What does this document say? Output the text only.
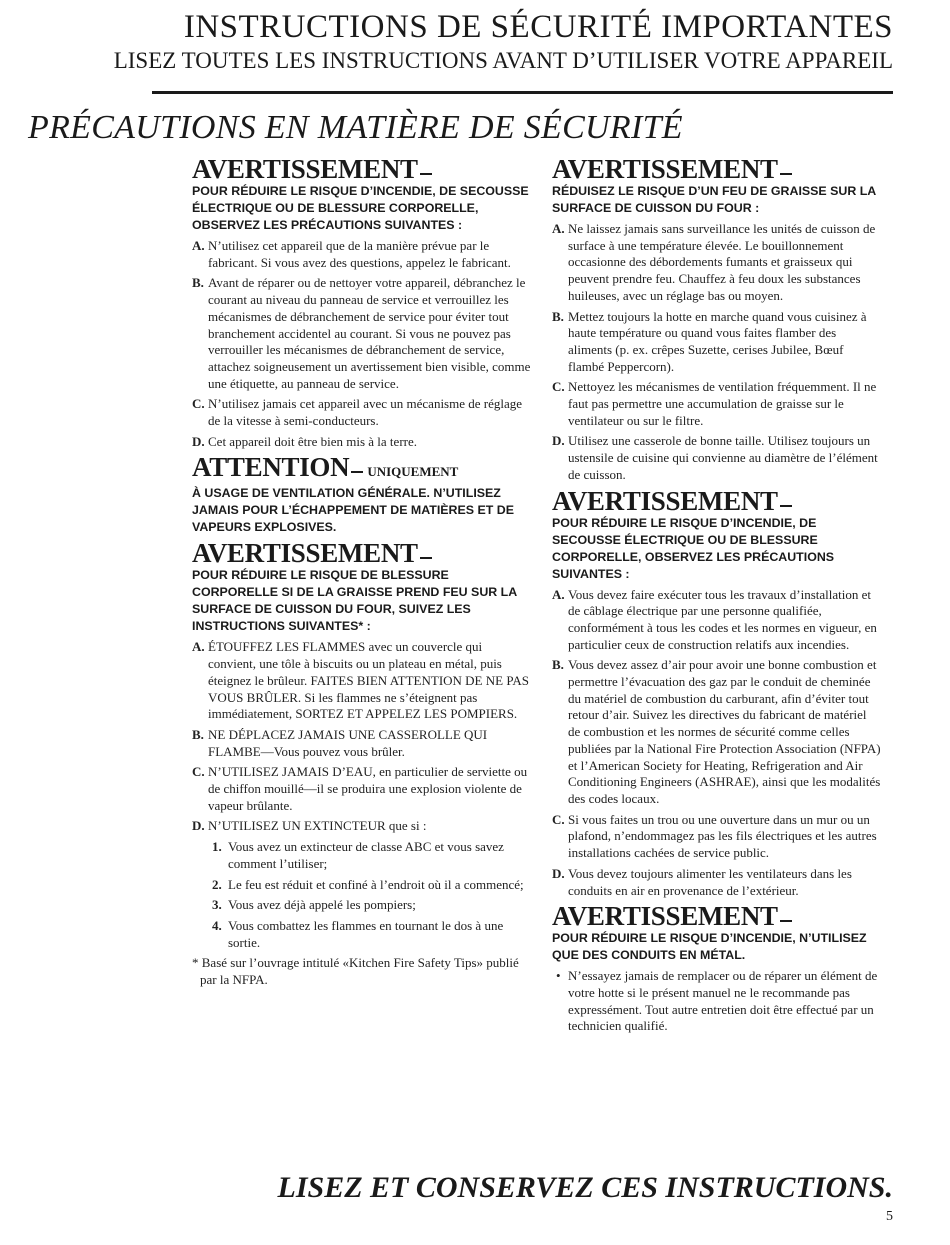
INSTRUCTIONS DE SÉCURITÉ IMPORTANTES
LISEZ TOUTES LES INSTRUCTIONS AVANT D’UTILISER VOTRE APPAREIL
PRÉCAUTIONS EN MATIÈRE DE SÉCURITÉ
AVERTISSEMENT
POUR RÉDUIRE LE RISQUE D’INCENDIE, DE SECOUSSE ÉLECTRIQUE OU DE BLESSURE CORPORELLE, OBSERVEZ LES PRÉCAUTIONS SUIVANTES :
A. N’utilisez cet appareil que de la manière prévue par le fabricant. Si vous avez des questions, appelez le fabricant.
B. Avant de réparer ou de nettoyer votre appareil, débranchez le courant au niveau du panneau de service et verrouillez les mécanismes de débranchement de service pour éviter tout branchement accidentel au courant. Si vous ne pouvez pas verrouiller les mécanismes de débranchement de service, attachez soigneusement un avertissement bien visible, comme une étiquette, au panneau de service.
C. N’utilisez jamais cet appareil avec un mécanisme de réglage de la vitesse à semi-conducteurs.
D. Cet appareil doit être bien mis à la terre.
ATTENTION UNIQUEMENT
À USAGE DE VENTILATION GÉNÉRALE. N’UTILISEZ JAMAIS POUR L’ÉCHAPPEMENT DE MATIÈRES ET DE VAPEURS EXPLOSIVES.
AVERTISSEMENT
POUR RÉDUIRE LE RISQUE DE BLESSURE CORPORELLE SI DE LA GRAISSE PREND FEU SUR LA SURFACE DE CUISSON DU FOUR, SUIVEZ LES INSTRUCTIONS SUIVANTES* :
A. ÉTOUFFEZ LES FLAMMES avec un couvercle qui convient, une tôle à biscuits ou un plateau en métal, puis éteignez le brûleur. FAITES BIEN ATTENTION DE NE PAS VOUS BRÛLER. Si les flammes ne s’éteignent pas immédiatement, SORTEZ ET APPELEZ LES POMPIERS.
B. NE DÉPLACEZ JAMAIS UNE CASSEROLLE QUI FLAMBE—Vous pouvez vous brûler.
C. N’UTILISEZ JAMAIS D’EAU, en particulier de serviette ou de chiffon mouillé—il se produira une explosion violente de vapeur brûlante.
D. N’UTILISEZ UN EXTINCTEUR que si :
1. Vous avez un extincteur de classe ABC et vous savez comment l’utiliser;
2. Le feu est réduit et confiné à l’endroit où il a commencé;
3. Vous avez déjà appelé les pompiers;
4. Vous combattez les flammes en tournant le dos à une sortie.
* Basé sur l’ouvrage intitulé «Kitchen Fire Safety Tips» publié par la NFPA.
AVERTISSEMENT
RÉDUISEZ LE RISQUE D’UN FEU DE GRAISSE SUR LA SURFACE DE CUISSON DU FOUR :
A. Ne laissez jamais sans surveillance les unités de cuisson de surface à une température élevée. Le bouillonnement occasionne des débordements fumants et graisseux qui peuvent prendre feu. Chauffez à feu doux les substances huileuses, avec un réglage bas ou moyen.
B. Mettez toujours la hotte en marche quand vous cuisinez à haute température ou quand vous faites flamber des aliments (p. ex. crêpes Suzette, cerises Jubilee, Bœuf flambé Peppercorn).
C. Nettoyez les mécanismes de ventilation fréquemment. Il ne faut pas permettre une accumulation de graisse sur le ventilateur ou sur le filtre.
D. Utilisez une casserole de bonne taille. Utilisez toujours un ustensile de cuisine qui convienne au diamètre de l’élément de cuisson.
AVERTISSEMENT
POUR RÉDUIRE LE RISQUE D’INCENDIE, DE SECOUSSE ÉLECTRIQUE OU DE BLESSURE CORPORELLE, OBSERVEZ LES PRÉCAUTIONS SUIVANTES :
A. Vous devez faire exécuter tous les travaux d’installation et de câblage électrique par une personne qualifiée, conformément à tous les codes et les normes en vigueur, en particulier ceux de construction relatifs aux incendies.
B. Vous devez assez d’air pour avoir une bonne combustion et permettre l’évacuation des gaz par le conduit de cheminée du matériel de combustion du carburant, afin d’éviter tout retour d’air. Suivez les directives du fabricant de matériel de combustion et les normes de sécurité comme celles publiées par la National Fire Protection Association (NFPA) et l’American Society for Heating, Refrigeration and Air Conditioning Engineers (ASHRAE), ainsi que les modalités des codes locaux.
C. Si vous faites un trou ou une ouverture dans un mur ou un plafond, n’endommagez pas les fils électriques et les autres installations cachées de service public.
D. Vous devez toujours alimenter les ventilateurs dans les conduits en air en provenance de l’extérieur.
AVERTISSEMENT
POUR RÉDUIRE LE RISQUE D’INCENDIE, N’UTILISEZ QUE DES CONDUITS EN MÉTAL.
• N’essayez jamais de remplacer ou de réparer un élément de votre hotte si le présent manuel ne le recommande pas expressément. Tout autre entretien doit être effectué par un technicien qualifié.
LISEZ ET CONSERVEZ CES INSTRUCTIONS.
5
